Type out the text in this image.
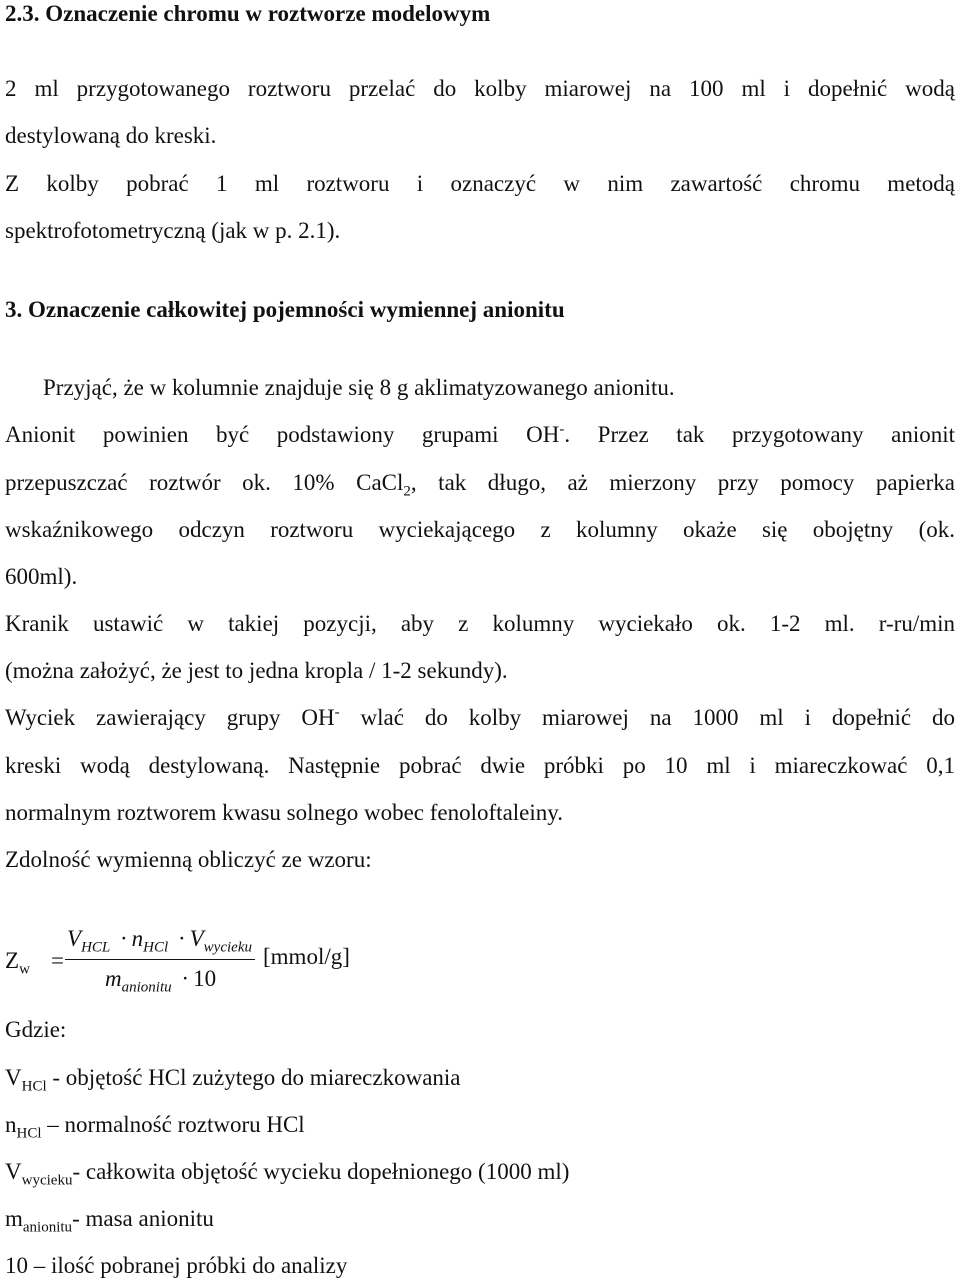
2.3. Oznaczenie chromu w roztworze modelowym
2 ml przygotowanego roztworu przelać do kolby miarowej na 100 ml i dopełnić wodą
destylowaną do kreski.
Z kolby pobrać 1 ml roztworu i oznaczyć w nim zawartość chromu metodą
spektrofotometryczną (jak w p. 2.1).
3. Oznaczenie całkowitej pojemności wymiennej anionitu
Przyjąć, że w kolumnie znajduje się 8 g aklimatyzowanego anionitu.
Anionit powinien być podstawiony grupami OH-. Przez tak przygotowany anionit
przepuszczać roztwór ok. 10% CaCl$_2$, tak długo, aż mierzony przy pomocy papierka
wskaźnikowego odczyn roztworu wyciekającego z kolumny okaże się obojętny (ok.
600ml).
Kranik ustawić w takiej pozycji, aby z kolumny wyciekało ok. 1-2 ml. r-ru/min
(można założyć, że jest to jedna kropla / 1-2 sekundy).
Wyciek zawierający grupy OH- wlać do kolby miarowej na 1000 ml i dopełnić do
kreski wodą destylowaną. Następnie pobrać dwie próbki po 10 ml i miareczkować 0,1
normalnym roztworem kwasu solnego wobec fenoloftaleiny.
Zdolność wymienną obliczyć ze wzoru:
$Z_w$ =
$V_{HCL} \cdot n_{HCl} \cdot V_{wycieku}$
$m_{anionitu} \cdot 10$
[mmol/g]
Gdzie:
$V_{HCl}$ - objętość HCl zużytego do miareczkowania
$n_{HCl}$ – normalność roztworu HCl
$V_{wycieku}-$ całkowita objętość wycieku dopełnionego (1000 ml)
$m_{anionitu}-$ masa anionitu
10 – ilość pobranej próbki do analizy
